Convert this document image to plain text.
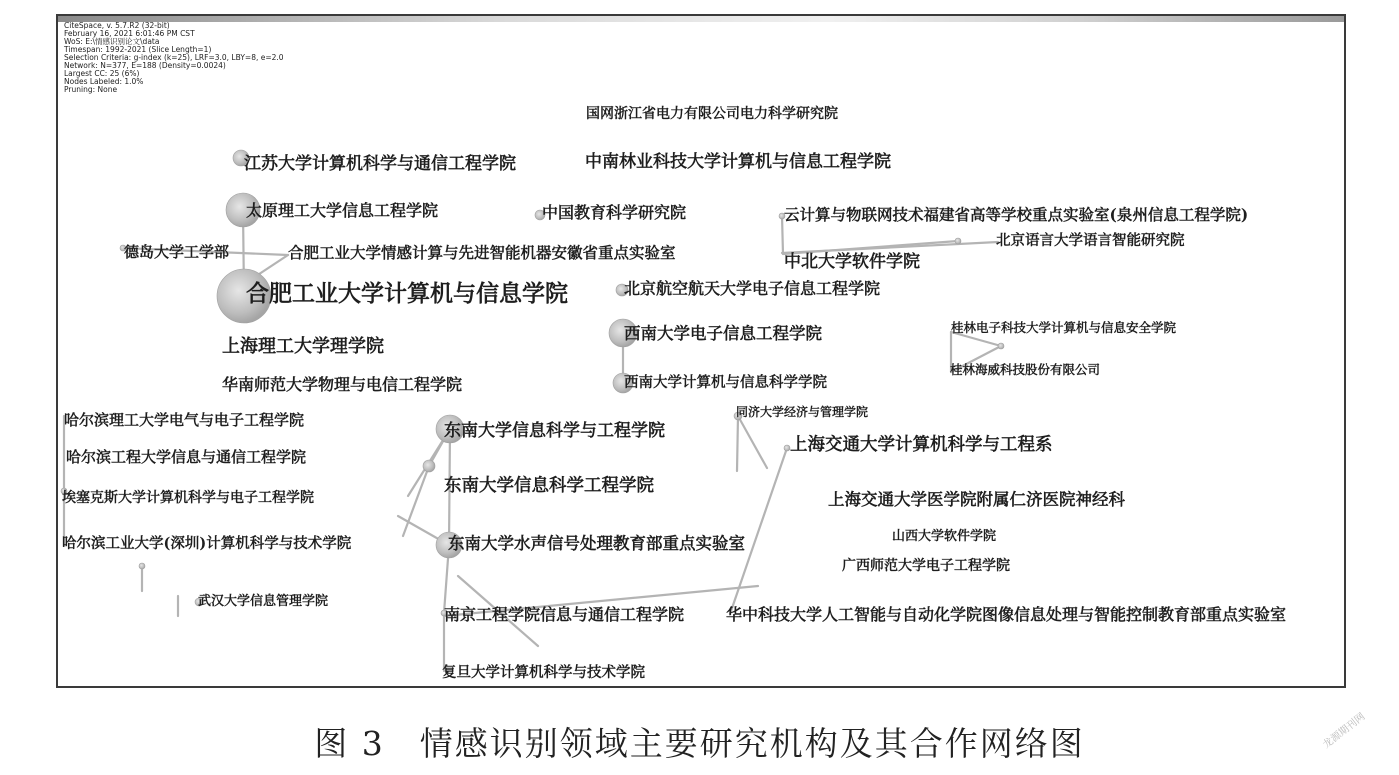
CiteSpace, v. 5.7.R2 (32-bit)
February 16, 2021 6:01:46 PM CST
WoS: E:\情感识别论文\data
Timespan: 1992-2021 (Slice Length=1)
Selection Criteria: g-index (k=25), LRF=3.0, LBY=8, e=2.0
Network: N=377, E=188 (Density=0.0024)
Largest CC: 25 (6%)
Nodes Labeled: 1.0%
Pruning: None
国网浙江省电力有限公司电力科学研究院
江苏大学计算机科学与通信工程学院	中南林业科技大学计算机与信息工程学院
太原理工大学信息工程学院	中国教育科学研究院	云计算与物联网技术福建省高等学校重点实验室(泉州信息工程学院)
德岛大学工学部	合肥工业大学情感计算与先进智能机器安徽省重点实验室
北京语言大学语言智能研究院
中北大学软件学院
合肥工业大学计算机与信息学院	北京航空航天大学电子信息工程学院
西南大学电子信息工程学院	桂林电子科技大学计算机与信息安全学院
上海理工大学理学院
桂林海威科技股份有限公司
华南师范大学物理与电信工程学院	西南大学计算机与信息科学学院
同济大学经济与管理学院
哈尔滨理工大学电气与电子工程学院
东南大学信息科学与工程学院
上海交通大学计算机科学与工程系
哈尔滨工程大学信息与通信工程学院
东南大学信息科学工程学院
上海交通大学医学院附属仁济医院神经科
埃塞克斯大学计算机科学与电子工程学院
山西大学软件学院
东南大学水声信号处理教育部重点实验室
哈尔滨工业大学(深圳)计算机科学与技术学院
广西师范大学电子工程学院
武汉大学信息管理学院
南京工程学院信息与通信工程学院	华中科技大学人工智能与自动化学院图像信息处理与智能控制教育部重点实验室
复旦大学计算机科学与技术学院
图 3　情感识别领域主要研究机构及其合作网络图	龙源期刊网
